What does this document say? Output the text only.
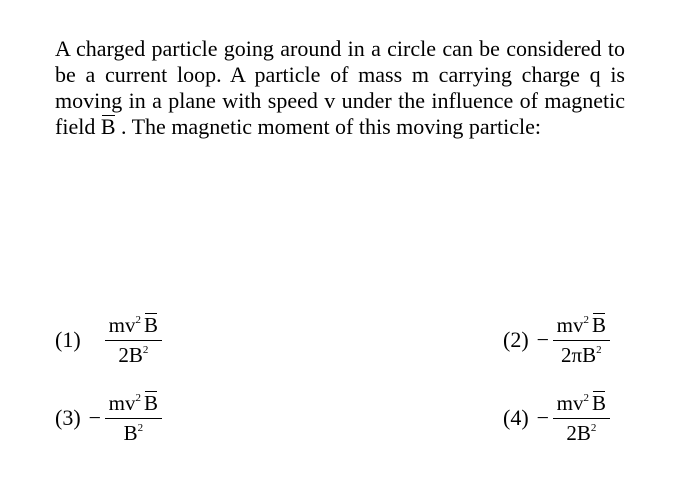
A charged particle going around in a circle can be considered to
be a current loop. A particle of mass m carrying charge q is
moving in a plane with speed v under the influence of magnetic
field B . The magnetic moment of this moving particle:
$(1) \frac{mv^2 B}{2B^2}$	$(2) - \frac{mv^2 B}{2\pi B^2}$
$(3) - \frac{mv^2 B}{B^2}$	$(4) - \frac{mv^2 B}{2B^2}$
